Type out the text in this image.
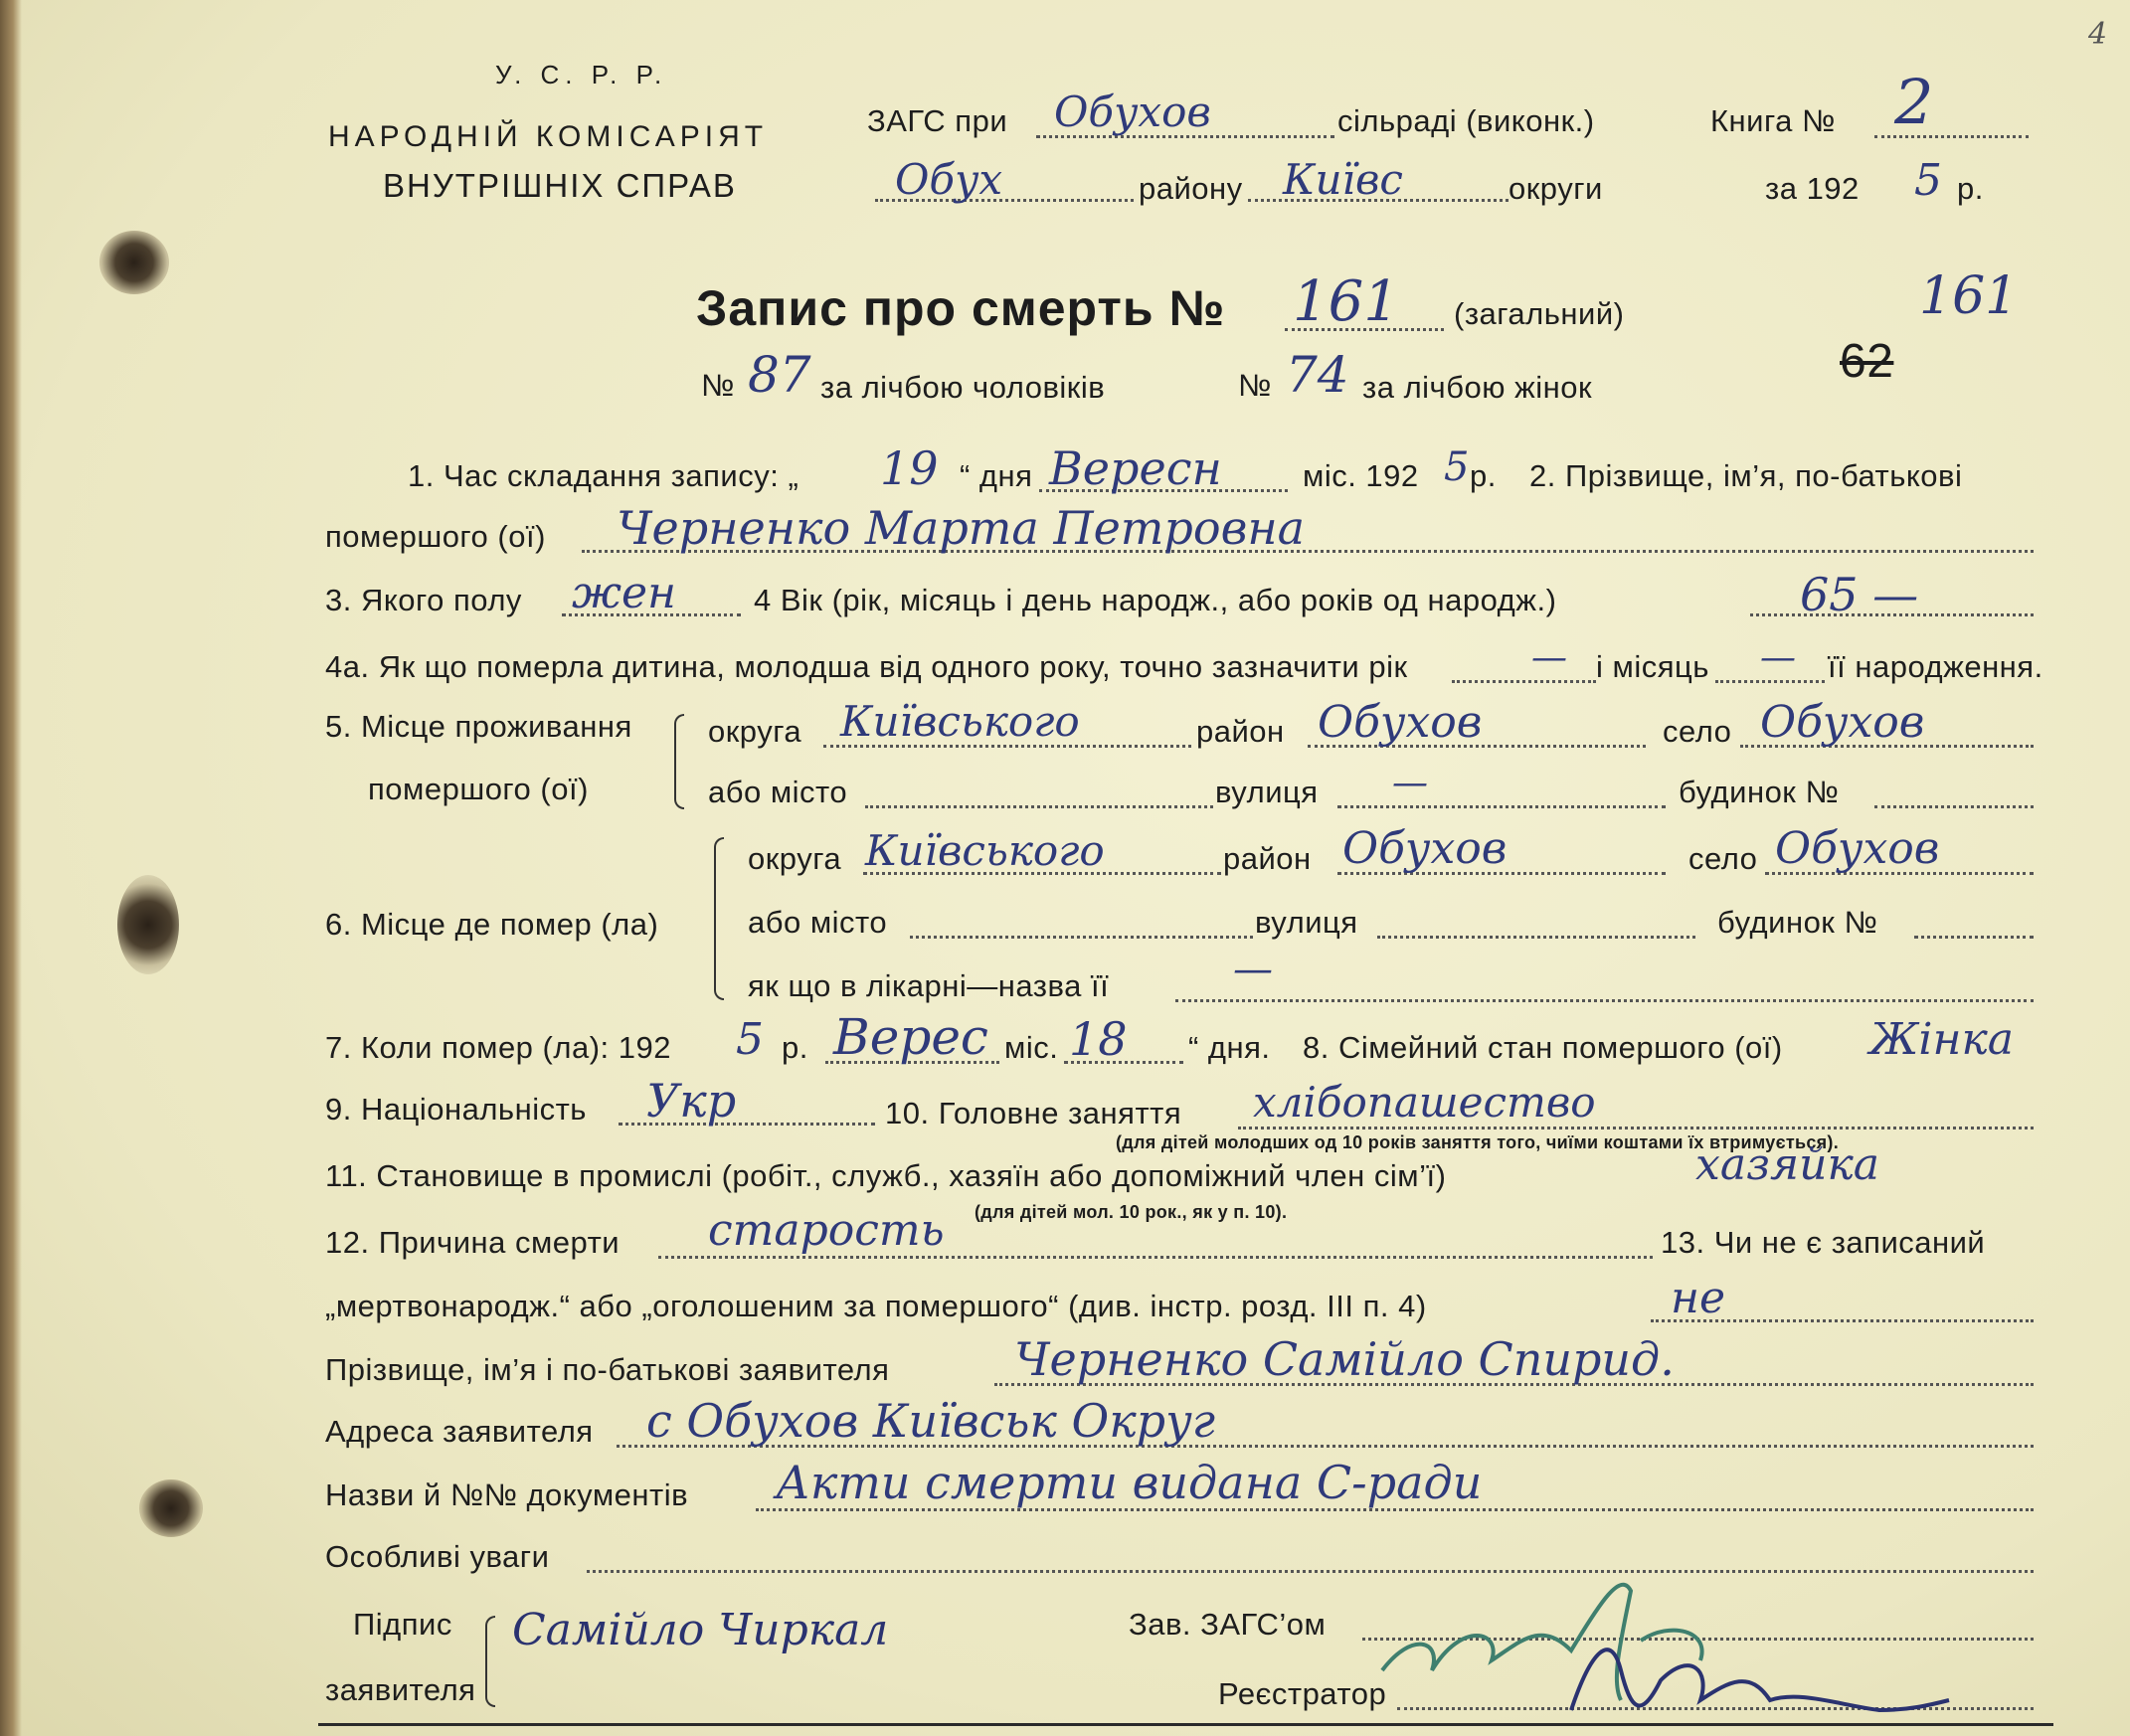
У. С. Р. Р.
НАРОДНІЙ КОМІСАРІЯТ
ВНУТРІШНІХ СПРАВ
ЗАГС при Обухов	сільраді (виконк.)	Книга № 2
Обух	району Київс	округи	за 192 5 р.
Запис про смерть № 161 (загальний)	161
62
№ 87 за лічбою чоловіків	№ 74 за лічбою жінок
1. Час складання запису: „ 19 “ дня Вересн	міс. 192 5 р. 2. Прізвище, ім’я, по-батькові
помершого (ої) Черненко Марта Петровна
3. Якого полу жен	4 Вік (рік, місяць і день народж., або років од народж.)	65 —
4а. Як що померла дитина, молодша від одного року, точно зазначити рік	— і місяць — її народження.
5. Місце проживання
помершого (ої)
округа Київського	район Обухов	село Обухов
або місто	вулиця —	будинок №
6. Місце де помер (ла)
округа Київського	район Обухов	село Обухов
або місто	вулиця	будинок №
як що в лікарні—назва її	—
7. Коли помер (ла): 192 5 р. Верес міс. 18 “ дня. 8. Сімейний стан помершого (ої) Жінка
9. Національність Укр	10. Головне заняття хлібопашество
(для дітей молодших од 10 років заняття того, чиїми коштами їх втримується).
11. Становище в промислі (робіт., служб., хазяїн або допоміжний член сім’ї)	хазяйка
(для дітей мол. 10 рок., як у п. 10).
12. Причина смерти старость	13. Чи не є записаний
„мертвонародж.“ або „оголошеним за помершого“ (див. інстр. розд. III п. 4)	не
Прізвище, ім’я і по-батькові заявителя	Черненко Самійло Спирид.
Адреса заявителя с Обухов Київськ Округ
Назви й №№ документів Акти смерти видана С-ради
Особливі уваги
Підпис
заявителя
Самійло Чиркал	Зав. ЗАГС’ом
Реєстратор
4
